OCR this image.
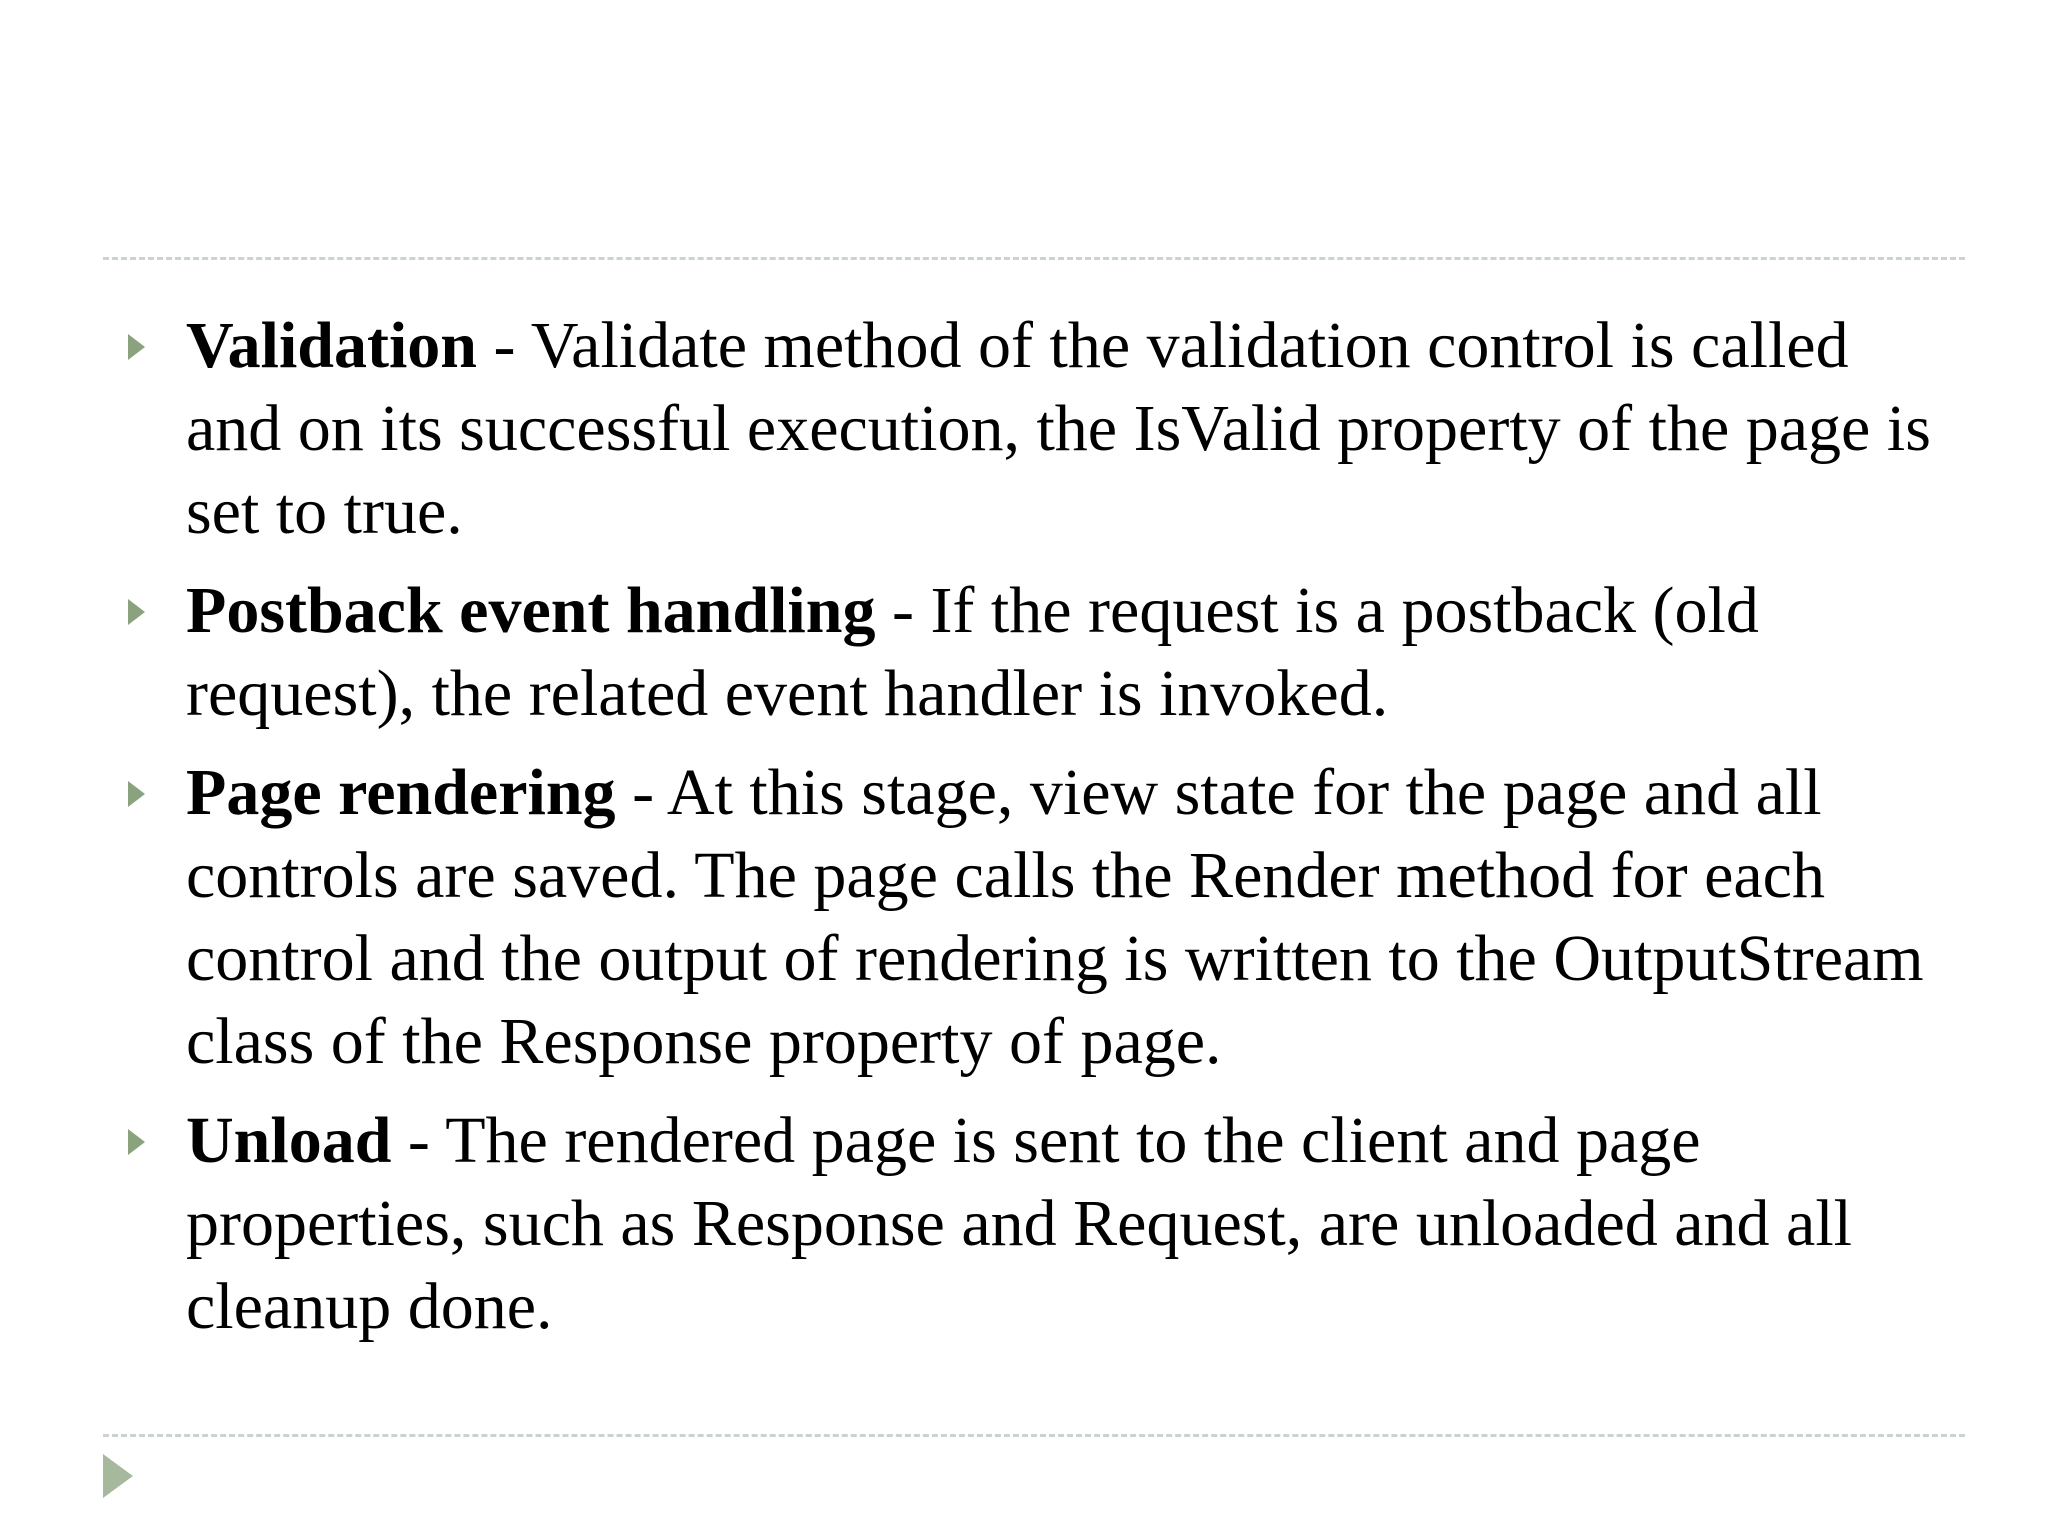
Validation - Validate method of the validation control is called and on its successful execution, the IsValid property of the page is set to true.
Postback event handling - If the request is a postback (old request), the related event handler is invoked.
Page rendering - At this stage, view state for the page and all controls are saved. The page calls the Render method for each control and the output of rendering is written to the OutputStream class of the Response property of page.
Unload - The rendered page is sent to the client and page properties, such as Response and Request, are unloaded and all cleanup done.
